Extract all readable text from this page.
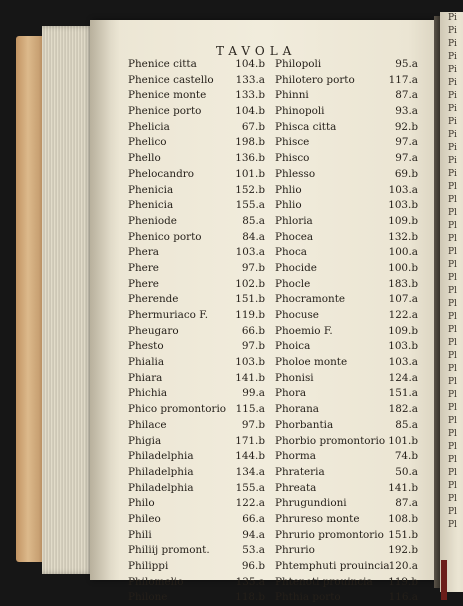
Pi
Pi
Pi
Pi
Pi
Pi
Pi
Pi
Pi
Pi
Pi
Pi
Pi
Pl
Pl
Pl
Pl
Pl
Pl
Pl
Pl
Pl
Pl
Pl
Pl
Pl
Pl
Pl
Pl
Pl
Pl
Pl
Pl
Pl
Pl
Pl
Pl
Pl
Pl
Pl
TAVOLA
Phenice citta	104.b
Phenice castello 133.a
Phenice monte	133.b
Phenice porto	104.b
Phelicia	67.b
Phelico	198.b
Phello	136.b
Phelocandro	101.b
Phenicia	152.b
Phenicia	155.a
Pheniode	85.a
Phenico porto	84.a
Phera	103.a
Phere	97.b
Phere	102.b
Pherende	151.b
Phermuriaco F.	119.b
Pheugaro	66.b
Phesto	97.b
Phialia	103.b
Phiara	141.b
Phichia	99.a
Phico promontorio 115.a
Philace	97.b
Phigia	171.b
Philadelphia	144.b
Philadelphia	134.a
Philadelphia	155.a
Philo	122.a
Phileo	66.a
Phili	94.a
Philiij promont.	53.a
Philippi	96.b
Philomelio	135.a
Philone	118.b
Philopoli	95.a
Philotero porto	117.a
Phinni	87.a
Phinopoli	93.a
Phisca citta	92.b
Phisce	97.a
Phisco	97.a
Phlesso	69.b
Phlio	103.a
Phlio	103.b
Phloria	109.b
Phocea	132.b
Phoca	100.a
Phocide	100.b
Phocle	183.b
Phocramonte	107.a
Phocuse	122.a
Phoemio F.	109.b
Phoica	103.b
Pholoe monte	103.a
Phonisi	124.a
Phora	151.a
Phorana	182.a
Phorbantia	85.a
Phorbio promontorio 101.b
Phorma	74.b
Phrateria	50.a
Phreata	141.b
Phrugundioni	87.a
Phrureso monte	108.b
Phrurio promontorio 151.b
Phrurio	192.b
Phtemphuti prouincia 120.a
Phtenoti prouincia 119.b
Phthia porto	116.a
